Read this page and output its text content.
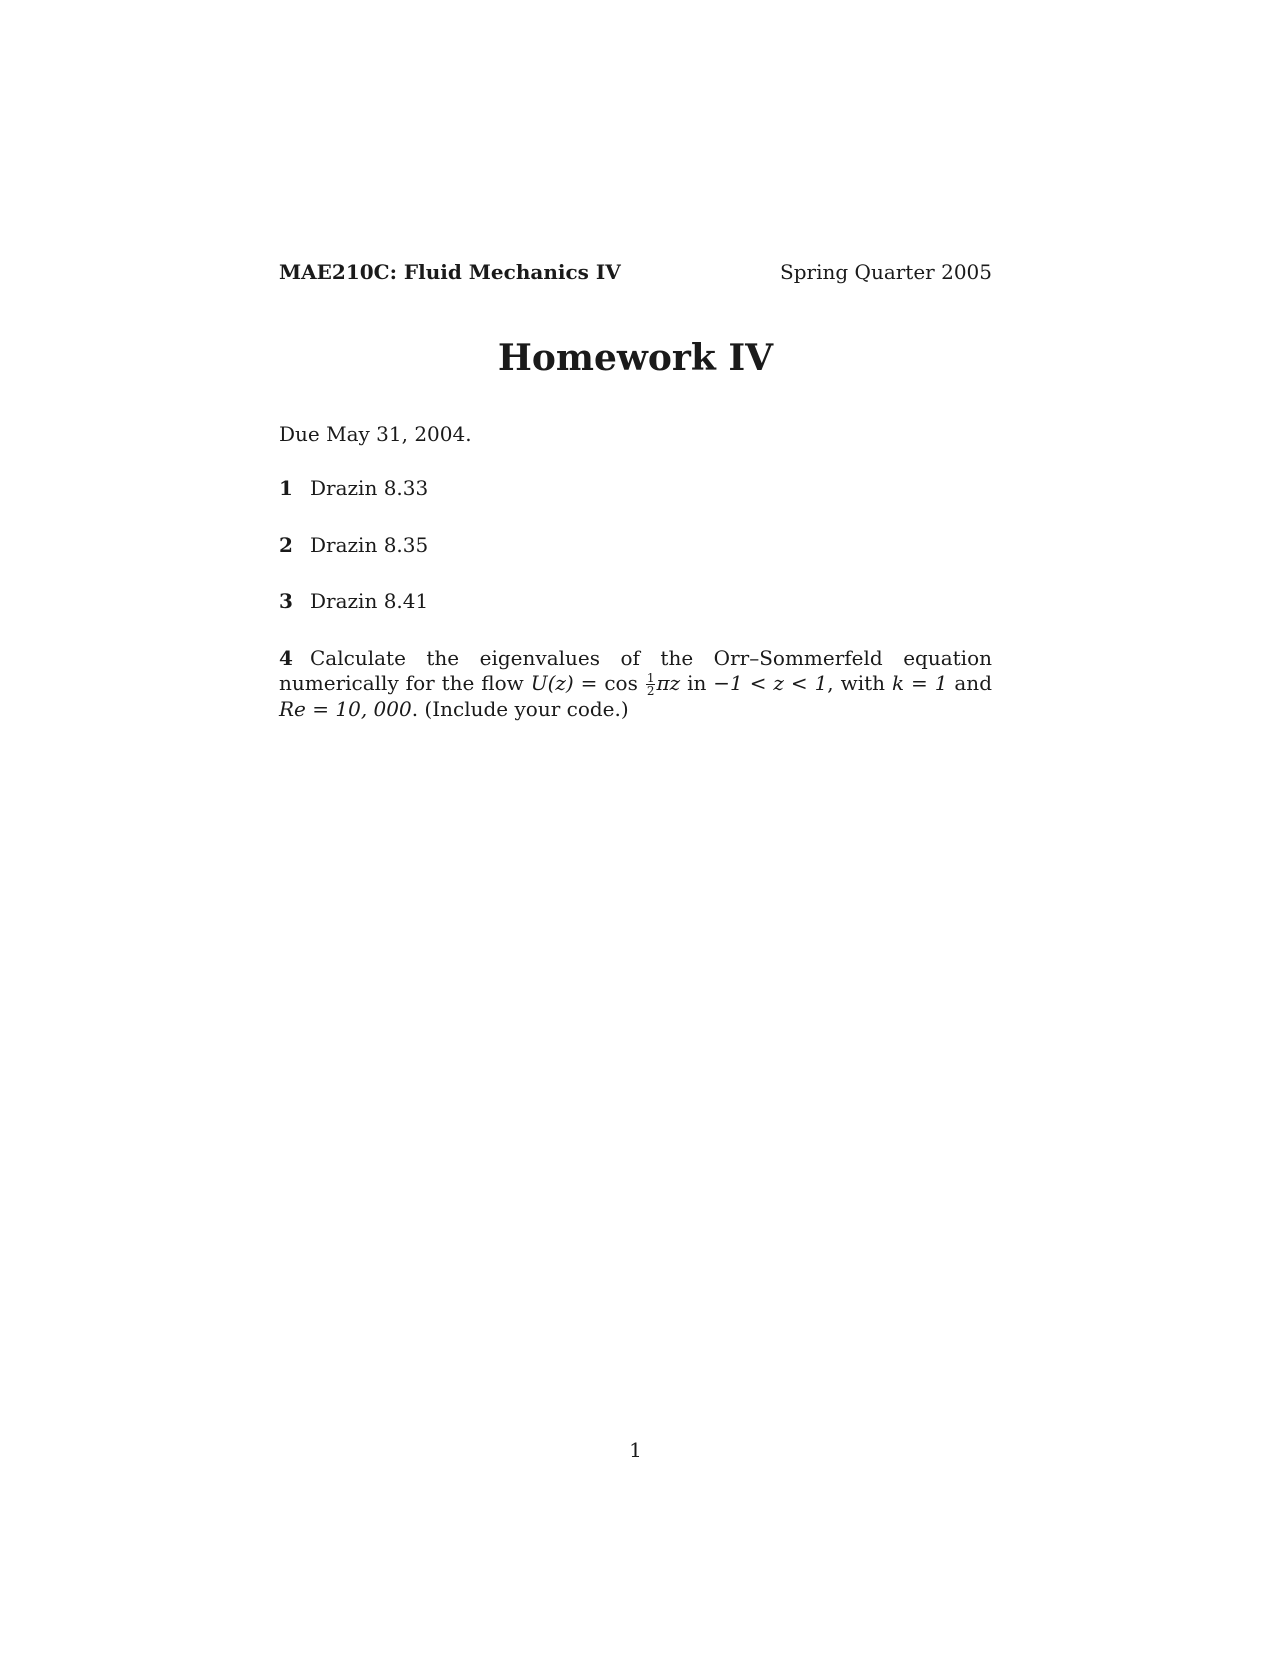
MAE210C: Fluid Mechanics IV	Spring Quarter 2005
Homework IV
Due May 31, 2004.
1 Drazin 8.33
2 Drazin 8.35
3 Drazin 8.41
4 Calculate the eigenvalues of the Orr–Sommerfeld equation numerically for the flow $U(z) = \cos \frac{1}{2}$ πz in −1 < z < 1, with k = 1 and Re = 10, 000. (Include your code.)
1
